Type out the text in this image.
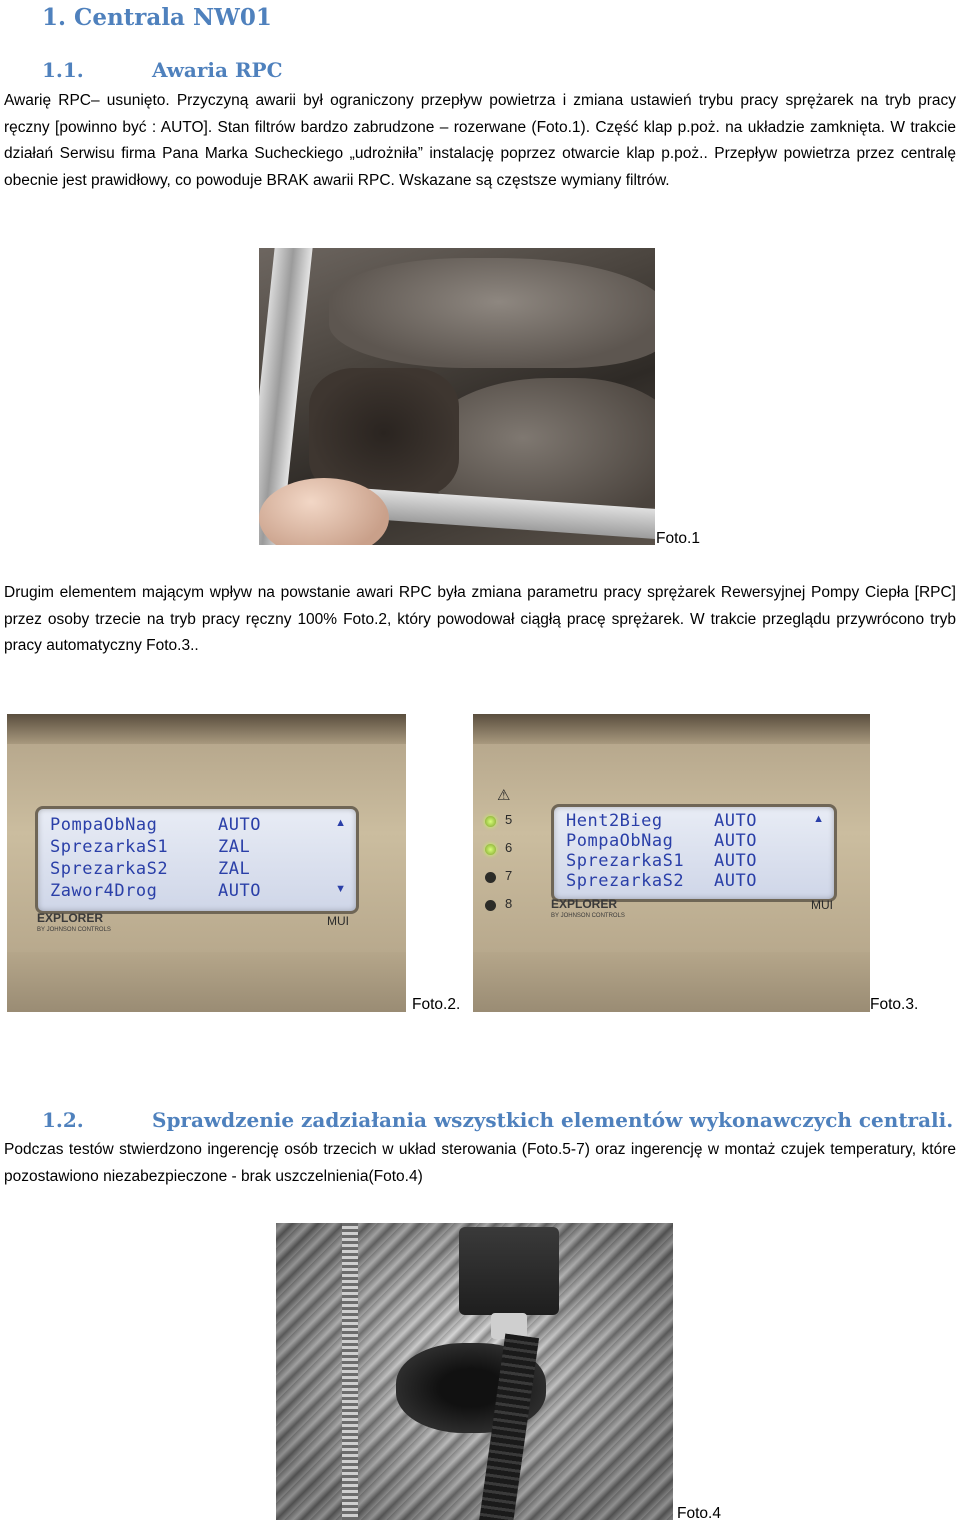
1. Centrala NW01
1.1.	Awaria RPC
Awarię RPC– usunięto. Przyczyną awarii był ograniczony przepływ powietrza i zmiana ustawień trybu pracy sprężarek na tryb pracy ręczny [powinno być : AUTO]. Stan filtrów bardzo zabrudzone – rozerwane (Foto.1). Część klap p.poż. na układzie zamknięta. W trakcie działań Serwisu firma Pana Marka Sucheckiego „udrożniła” instalację poprzez otwarcie klap p.poż.. Przepływ powietrza przez centralę obecnie jest prawidłowy, co powoduje BRAK awarii RPC. Wskazane są częstsze wymiany filtrów.
Foto.1
Drugim elementem mającym wpływ na powstanie awari RPC była zmiana parametru pracy sprężarek Rewersyjnej Pompy Ciepła [RPC] przez osoby trzecie na tryb pracy ręczny 100% Foto.2, który powodował ciągłą pracę sprężarek. W trakcie przeglądu przywrócono tryb pracy automatyczny Foto.3..
PompaObNag	AUTO
SprezarkaS1	ZAL
SprezarkaS2	ZAL
Zawor4Drog	AUTO
▲
▼
EXPLORER
BY JOHNSON CONTROLS
MUI
Foto.2.
⚠
5
6
7
8
Hent2Bieg	AUTO
PompaObNag AUTO
SprezarkaS1 AUTO
SprezarkaS2 AUTO
▲
EXPLORER
BY JOHNSON CONTROLS
MUI
Foto.3.
1.2.	Sprawdzenie zadziałania wszystkich elementów wykonawczych centrali.
Podczas testów stwierdzono ingerencję osób trzecich w układ sterowania (Foto.5-7) oraz ingerencję w montaż czujek temperatury, które pozostawiono niezabezpieczone - brak uszczelnienia(Foto.4)
Foto.4
